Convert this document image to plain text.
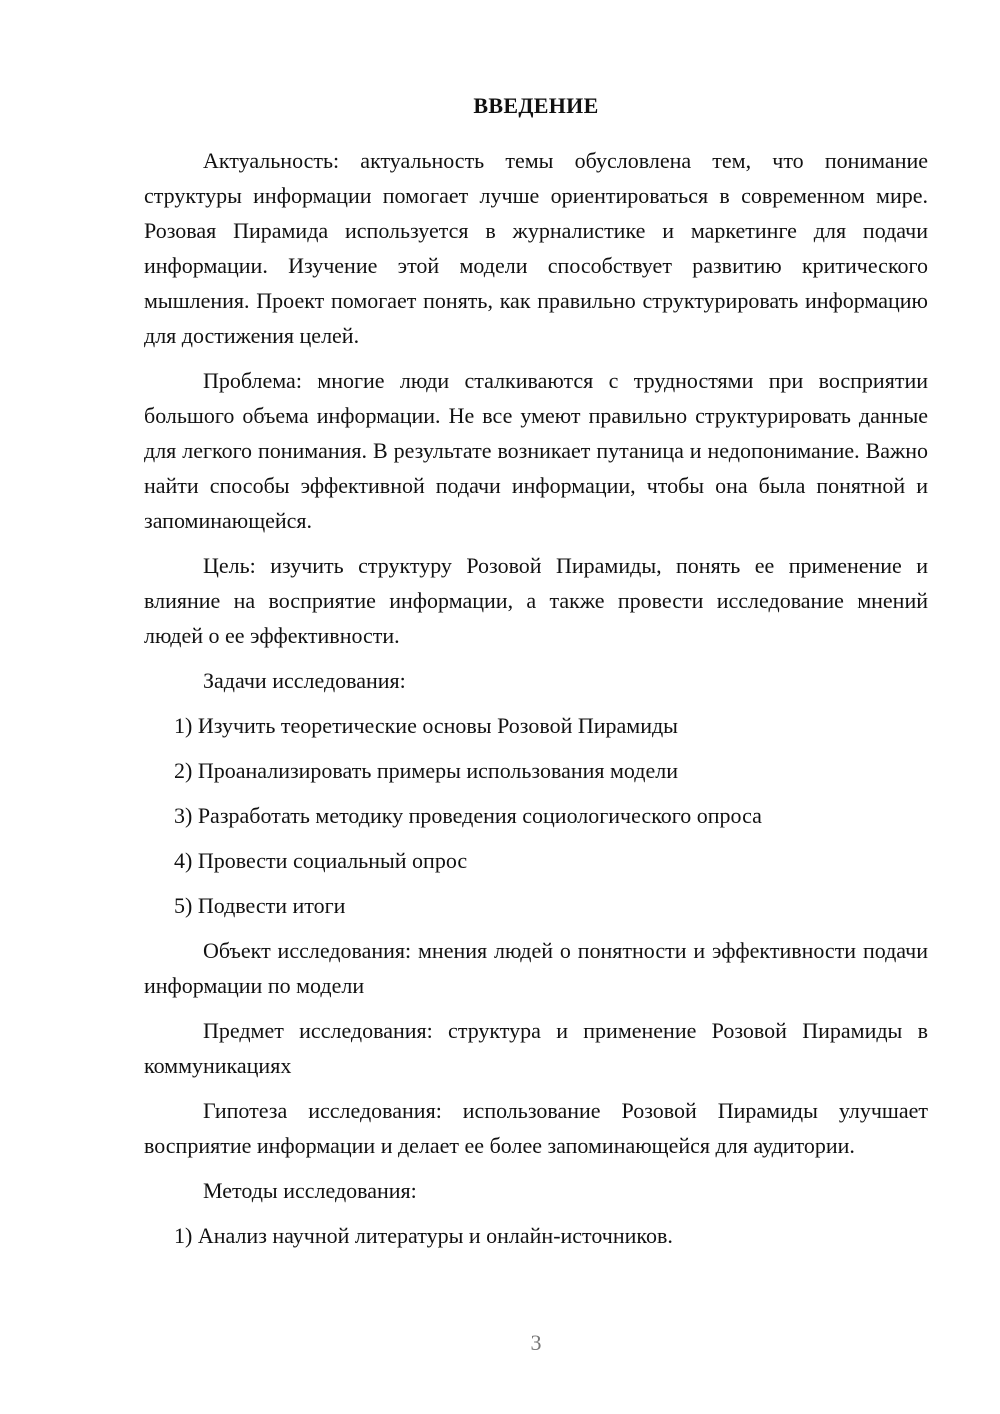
ВВЕДЕНИЕ

Актуальность: актуальность темы обусловлена тем, что понимание структуры информации помогает лучше ориентироваться в современном мире. Розовая Пирамида используется в журналистике и маркетинге для подачи информации. Изучение этой модели способствует развитию критического мышления. Проект помогает понять, как правильно структурировать информацию для достижения целей.

Проблема: многие люди сталкиваются с трудностями при восприятии большого объема информации. Не все умеют правильно структурировать данные для легкого понимания. В результате возникает путаница и недопонимание. Важно найти способы эффективной подачи информации, чтобы она была понятной и запоминающейся.

Цель: изучить структуру Розовой Пирамиды, понять ее применение и влияние на восприятие информации, а также провести исследование мнений людей о ее эффективности.

Задачи исследования:

1) Изучить теоретические основы Розовой Пирамиды
2) Проанализировать примеры использования модели
3) Разработать методику проведения социологического опроса
4) Провести социальный опрос
5) Подвести итоги

Объект исследования: мнения людей о понятности и эффективности подачи информации по модели

Предмет исследования: структура и применение Розовой Пирамиды в коммуникациях

Гипотеза исследования: использование Розовой Пирамиды улучшает восприятие информации и делает ее более запоминающейся для аудитории.

Методы исследования:

1) Анализ научной литературы и онлайн-источников.
3
